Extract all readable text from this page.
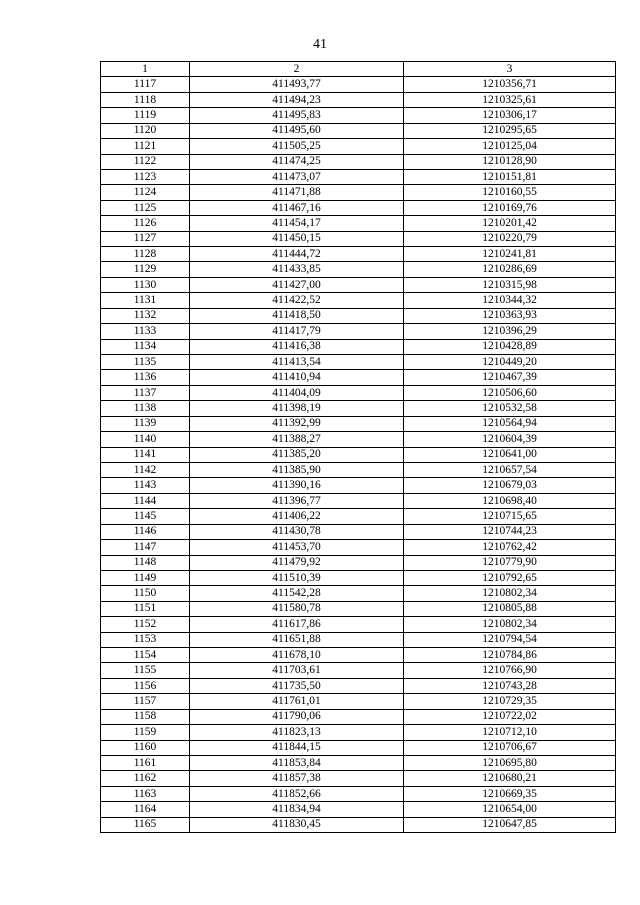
41
1	2	3
1117	411493,77	1210356,71
1118	411494,23	1210325,61
1119	411495,83	1210306,17
1120	411495,60	1210295,65
1121	411505,25	1210125,04
1122	411474,25	1210128,90
1123	411473,07	1210151,81
1124	411471,88	1210160,55
1125	411467,16	1210169,76
1126	411454,17	1210201,42
1127	411450,15	1210220,79
1128	411444,72	1210241,81
1129	411433,85	1210286,69
1130	411427,00	1210315,98
1131	411422,52	1210344,32
1132	411418,50	1210363,93
1133	411417,79	1210396,29
1134	411416,38	1210428,89
1135	411413,54	1210449,20
1136	411410,94	1210467,39
1137	411404,09	1210506,60
1138	411398,19	1210532,58
1139	411392,99	1210564,94
1140	411388,27	1210604,39
1141	411385,20	1210641,00
1142	411385,90	1210657,54
1143	411390,16	1210679,03
1144	411396,77	1210698,40
1145	411406,22	1210715,65
1146	411430,78	1210744,23
1147	411453,70	1210762,42
1148	411479,92	1210779,90
1149	411510,39	1210792,65
1150	411542,28	1210802,34
1151	411580,78	1210805,88
1152	411617,86	1210802,34
1153	411651,88	1210794,54
1154	411678,10	1210784,86
1155	411703,61	1210766,90
1156	411735,50	1210743,28
1157	411761,01	1210729,35
1158	411790,06	1210722,02
1159	411823,13	1210712,10
1160	411844,15	1210706,67
1161	411853,84	1210695,80
1162	411857,38	1210680,21
1163	411852,66	1210669,35
1164	411834,94	1210654,00
1165	411830,45	1210647,85
